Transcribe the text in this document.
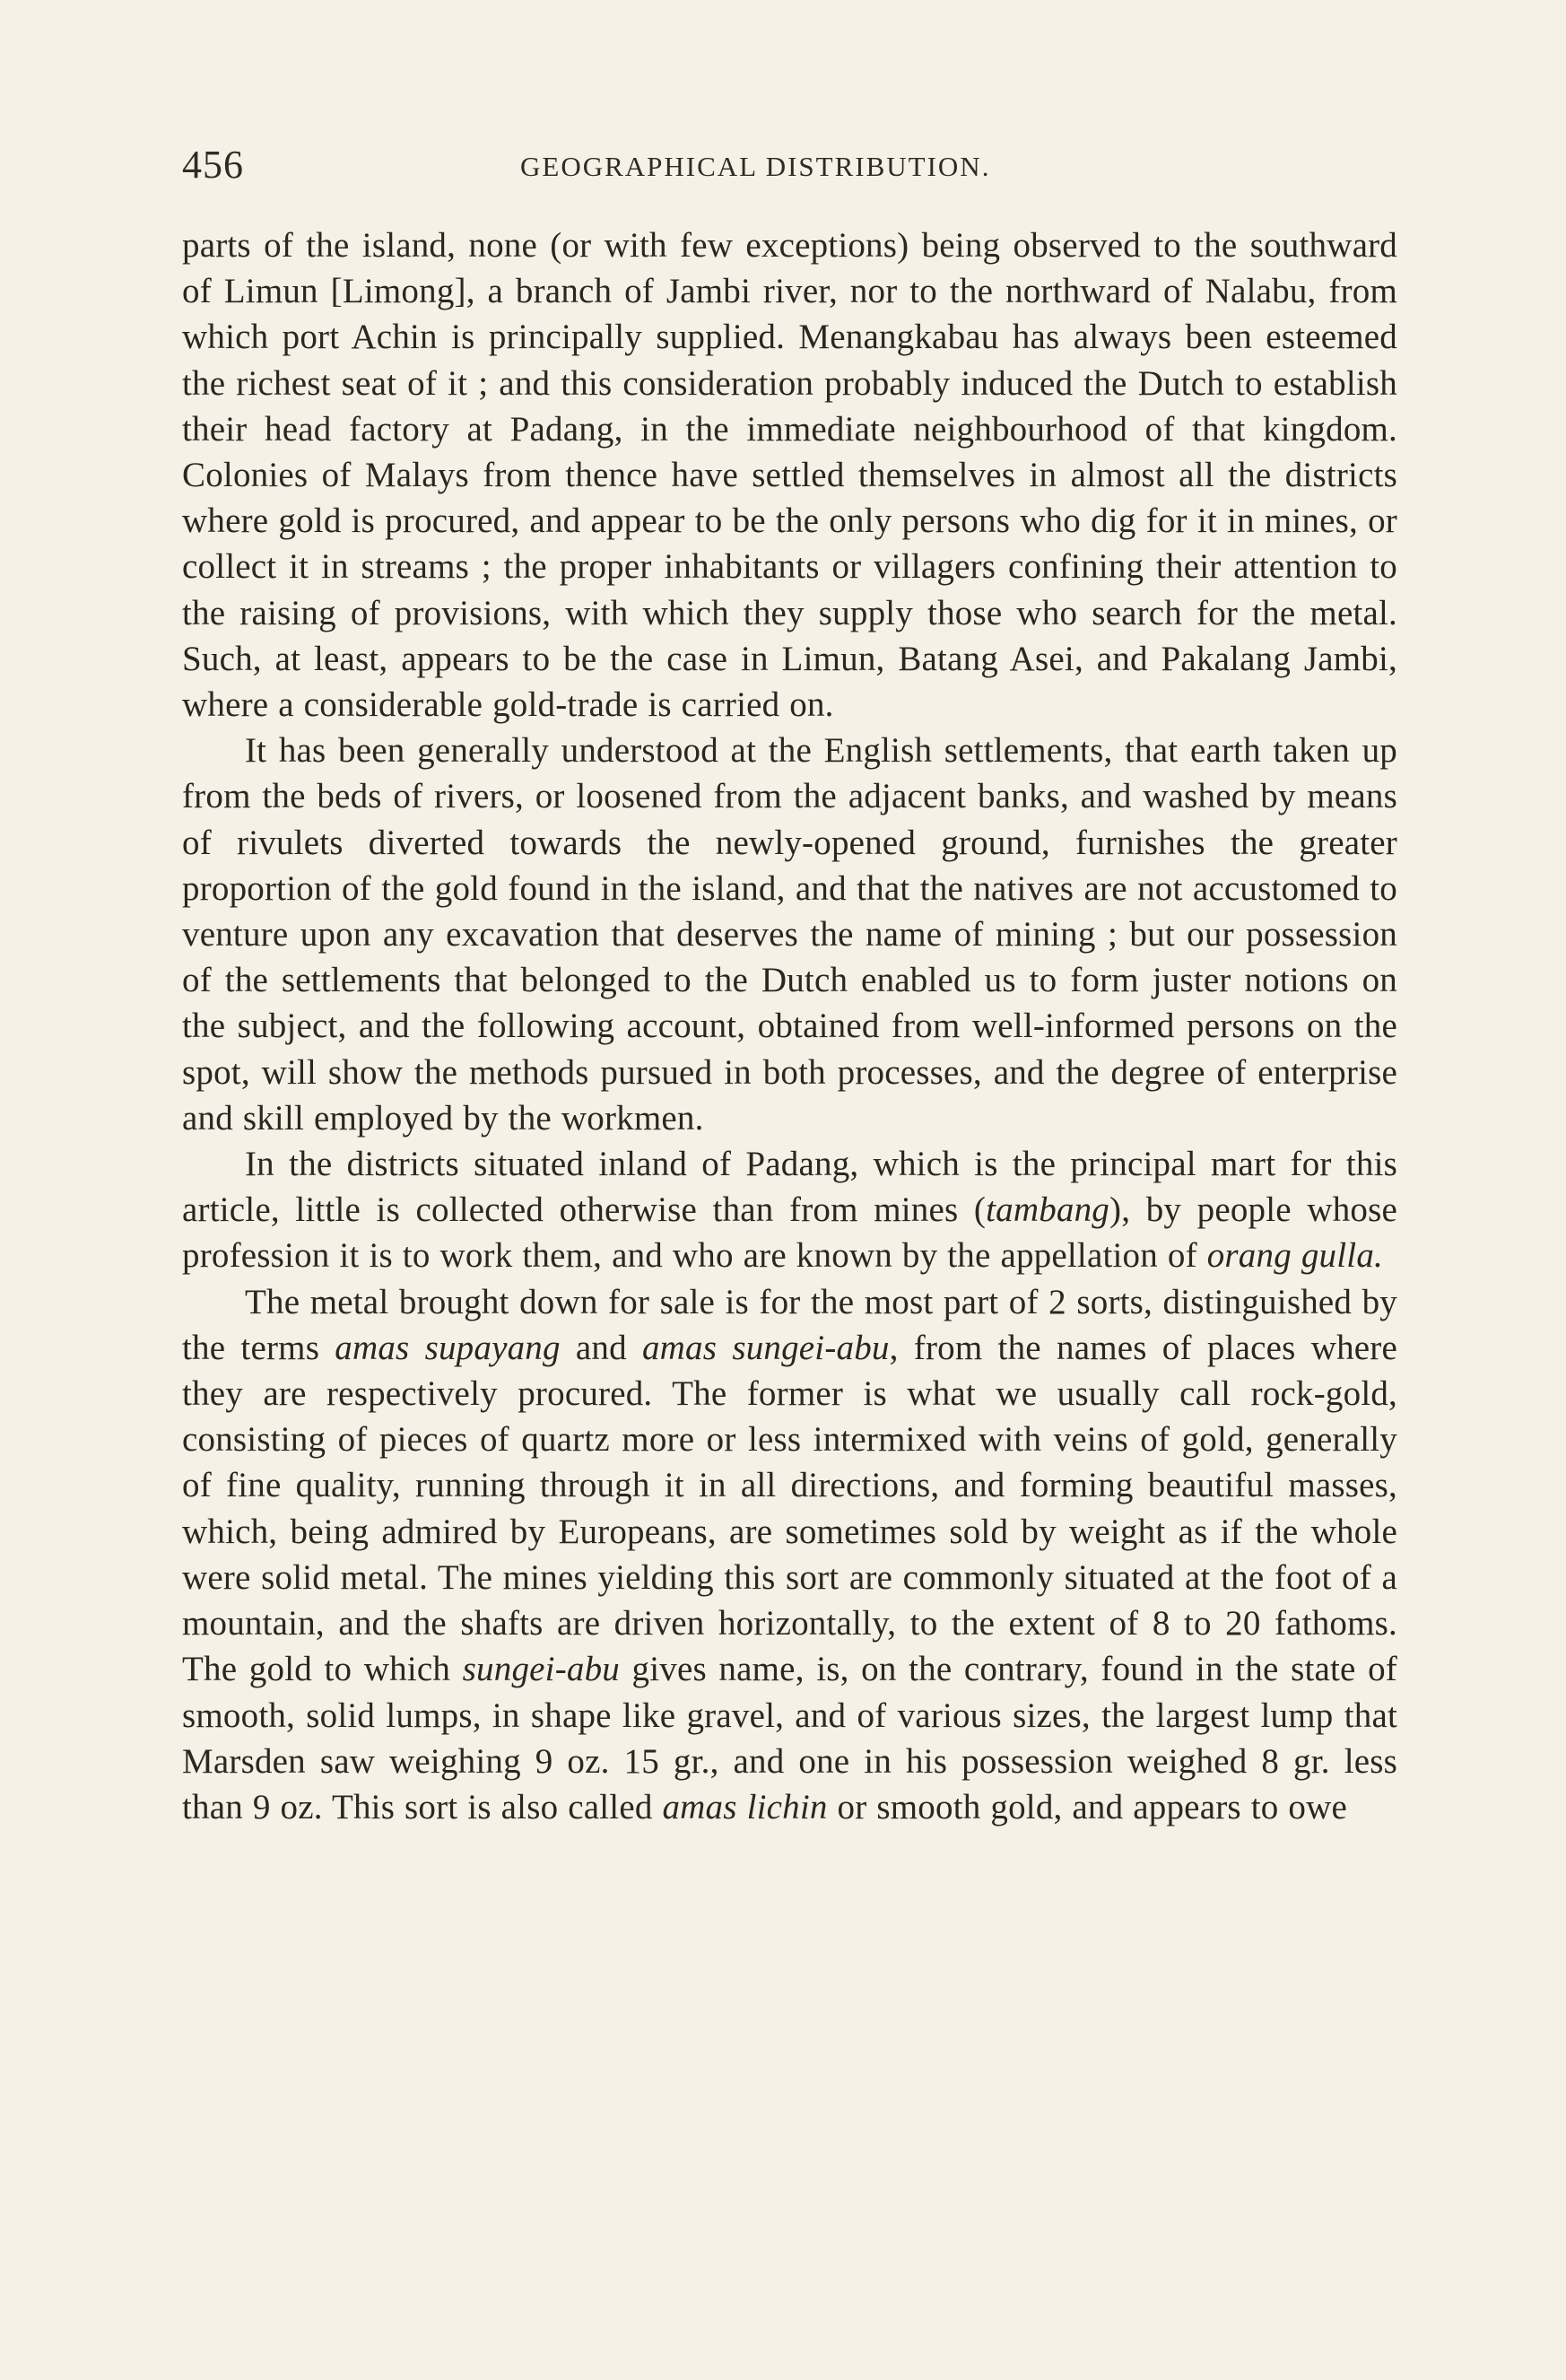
456	GEOGRAPHICAL DISTRIBUTION.

parts of the island, none (or with few exceptions) being observed to the southward of Limun [Limong], a branch of Jambi river, nor to the northward of Nalabu, from which port Achin is principally supplied. Menangkabau has always been esteemed the richest seat of it ; and this consideration probably induced the Dutch to establish their head factory at Padang, in the immediate neighbourhood of that kingdom. Colonies of Malays from thence have settled themselves in almost all the districts where gold is procured, and appear to be the only persons who dig for it in mines, or collect it in streams ; the proper inhabitants or villagers confining their attention to the raising of provisions, with which they supply those who search for the metal. Such, at least, appears to be the case in Limun, Batang Asei, and Pakalang Jambi, where a considerable gold-trade is carried on.

It has been generally understood at the English settlements, that earth taken up from the beds of rivers, or loosened from the adjacent banks, and washed by means of rivulets diverted towards the newly-opened ground, furnishes the greater proportion of the gold found in the island, and that the natives are not accustomed to venture upon any excavation that deserves the name of mining ; but our possession of the settlements that belonged to the Dutch enabled us to form juster notions on the subject, and the following account, obtained from well-informed persons on the spot, will show the methods pursued in both processes, and the degree of enterprise and skill employed by the workmen.

In the districts situated inland of Padang, which is the principal mart for this article, little is collected otherwise than from mines (tambang), by people whose profession it is to work them, and who are known by the appellation of orang gulla.

The metal brought down for sale is for the most part of 2 sorts, distinguished by the terms amas supayang and amas sungei-abu, from the names of places where they are respectively procured. The former is what we usually call rock-gold, consisting of pieces of quartz more or less intermixed with veins of gold, generally of fine quality, running through it in all directions, and forming beautiful masses, which, being admired by Europeans, are sometimes sold by weight as if the whole were solid metal. The mines yielding this sort are commonly situated at the foot of a mountain, and the shafts are driven horizontally, to the extent of 8 to 20 fathoms. The gold to which sungei-abu gives name, is, on the contrary, found in the state of smooth, solid lumps, in shape like gravel, and of various sizes, the largest lump that Marsden saw weighing 9 oz. 15 gr., and one in his possession weighed 8 gr. less than 9 oz. This sort is also called amas lichin or smooth gold, and appears to owe
